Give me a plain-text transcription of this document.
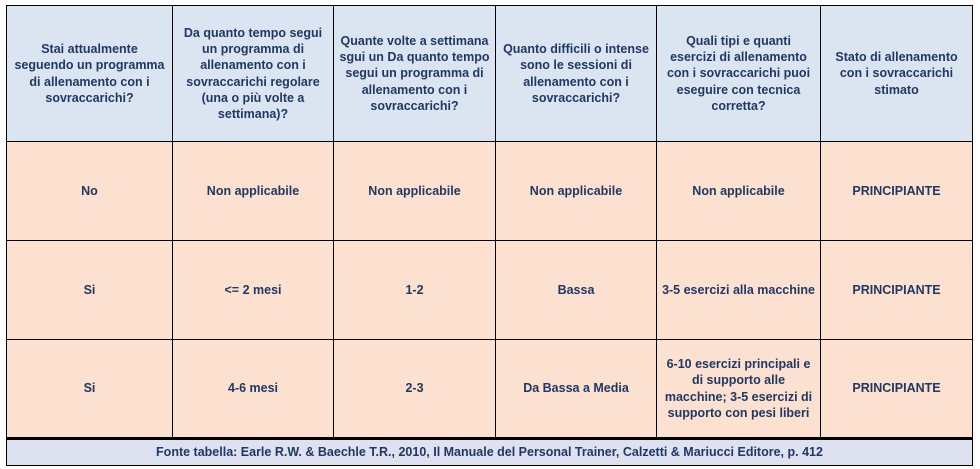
Stai attualmente seguendo un programma di allenamento con i sovraccarichi?	Da quanto tempo segui un programma di allenamento con i sovraccarichi regolare (una o più volte a settimana)?	Quante volte a settimana sgui un Da quanto tempo segui un programma di allenamento con i sovraccarichi?	Quanto difficili o intense sono le sessioni di allenamento con i sovraccarichi?	Quali tipi e quanti esercizi di allenamento con i sovraccarichi puoi eseguire con tecnica corretta?	Stato di allenamento con i sovraccarichi stimato
No	Non applicabile	Non applicabile	Non applicabile	Non applicabile	PRINCIPIANTE
Si	<= 2 mesi	1-2	Bassa	3-5 esercizi alla macchine	PRINCIPIANTE
Si	4-6 mesi	2-3	Da Bassa a Media	6-10 esercizi principali e di supporto alle macchine; 3-5 esercizi di supporto con pesi liberi	PRINCIPIANTE
Fonte tabella: Earle R.W. & Baechle T.R., 2010, Il Manuale del Personal Trainer, Calzetti & Mariucci Editore, p. 412					
